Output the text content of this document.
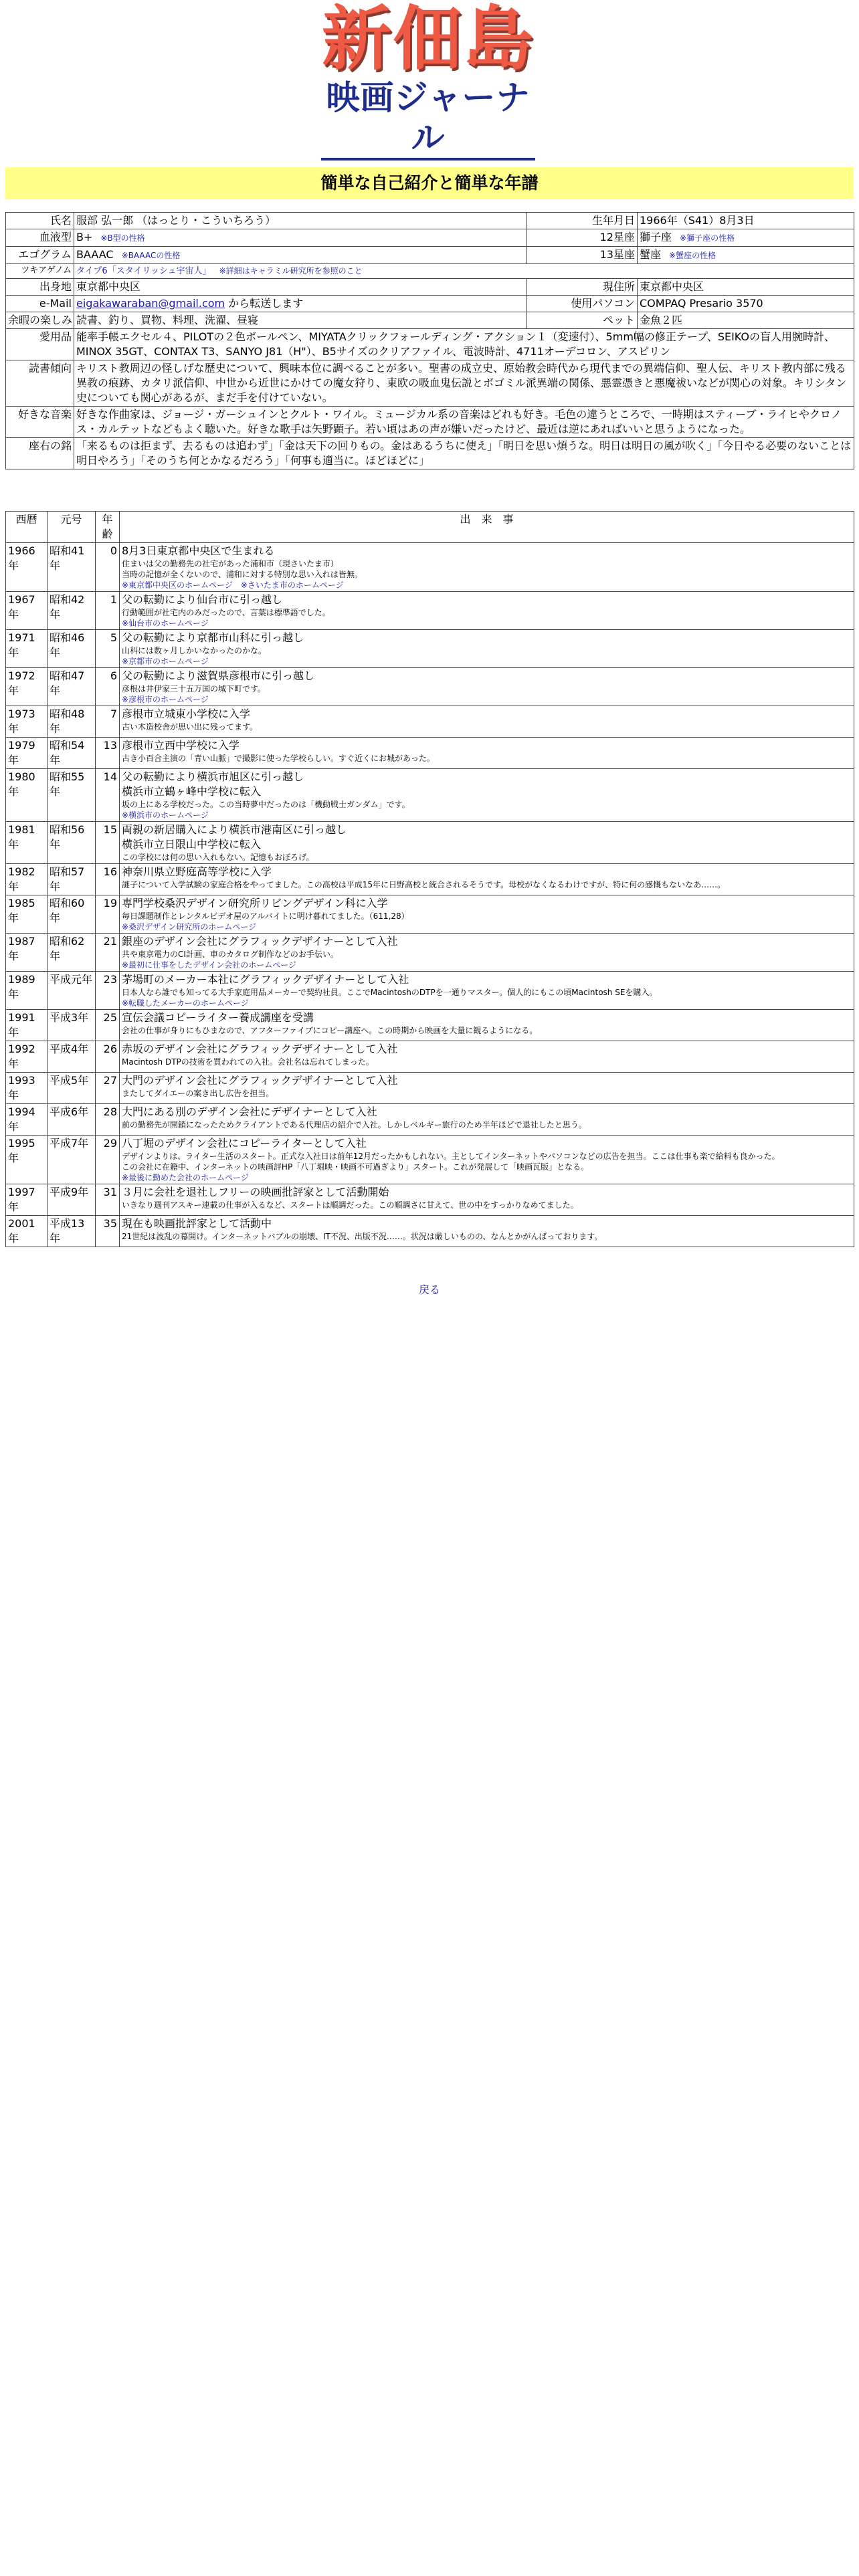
新佃島
映画ジャーナル
簡単な自己紹介と簡単な年譜
氏名	服部 弘一郎 （はっとり・こういちろう）	生年月日	1966年（S41）8月3日
血液型	B+ ※B型の性格	12星座	獅子座 ※獅子座の性格
エゴグラム	BAAAC ※BAAACの性格	13星座	蟹座 ※蟹座の性格
ツキアゲノム	タイプ6「スタイリッシュ宇宙人」 ※詳細はキャラミル研究所を参照のこと		
出身地	東京都中央区	現住所	東京都中央区
e-Mail	eigakawaraban@gmail.com から転送します	使用パソコン	COMPAQ Presario 3570
余暇の楽しみ	読書、釣り、買物、料理、洗濯、昼寝	ペット	金魚２匹
愛用品	能率手帳エクセル４、PILOTの２色ボールペン、MIYATAクリックフォールディング・アクション１（変速付）、5mm幅の修正テープ、SEIKOの盲人用腕時計、MINOX 35GT、CONTAX T3、SANYO J81（H"）、B5サイズのクリアファイル、電波時計、4711オーデコロン、アスピリン		
読書傾向	キリスト教周辺の怪しげな歴史について、興味本位に調べることが多い。聖書の成立史、原始教会時代から現代までの異端信仰、聖人伝、キリスト教内部に残る異教の痕跡、カタリ派信仰、中世から近世にかけての魔女狩り、東欧の吸血鬼伝説とボゴミル派異端の関係、悪霊憑きと悪魔祓いなどが関心の対象。キリシタン史についても関心があるが、まだ手を付けていない。		
好きな音楽	好きな作曲家は、ジョージ・ガーシュインとクルト・ワイル。ミュージカル系の音楽はどれも好き。毛色の違うところで、一時期はスティーブ・ライヒやクロノス・カルテットなどもよく聴いた。好きな歌手は矢野顕子。若い頃はあの声が嫌いだったけど、最近は逆にあればいいと思うようになった。		
座右の銘	「来るものは拒まず、去るものは追わず」「金は天下の回りもの。金はあるうちに使え」「明日を思い煩うな。明日は明日の風が吹く」「今日やる必要のないことは明日やろう」「そのうち何とかなるだろう」「何事も適当に。ほどほどに」		
西暦	元号	年齢	出　来　事
1966年	昭和41年	0	8月3日東京都中央区で生まれる
住まいは父の勤務先の社宅があった浦和市（現さいたま市）
当時の記憶が全くないので、浦和に対する特別な思い入れは皆無。
※東京都中央区のホームページ ※さいたま市のホームページ

1967年	昭和42年	1	父の転勤により仙台市に引っ越し
行動範囲が社宅内のみだったので、言葉は標準語でした。
※仙台市のホームページ

1971年	昭和46年	5	父の転勤により京都市山科に引っ越し
山科には数ヶ月しかいなかったのかな。
※京都市のホームページ

1972年	昭和47年	6	父の転勤により滋賀県彦根市に引っ越し
彦根は井伊家三十五万国の城下町です。
※彦根市のホームページ

1973年	昭和48年	7	彦根市立城東小学校に入学
古い木造校舎が思い出に残ってます。

1979年	昭和54年	13	彦根市立西中学校に入学
古き小百合主演の「青い山脈」で撮影に使った学校らしい。すぐ近くにお城があった。

1980年	昭和55年	14	父の転勤により横浜市旭区に引っ越し
横浜市立鶴ヶ峰中学校に転入
坂の上にある学校だった。この当時夢中だったのは「機動戦士ガンダム」です。
※横浜市のホームページ

1981年	昭和56年	15	両親の新居購入により横浜市港南区に引っ越し
横浜市立日限山中学校に転入
この学校には何の思い入れもない。記憶もおぼろげ。

1982年	昭和57年	16	神奈川県立野庭高等学校に入学
謎子について入学試験の家庭合格をやってました。この高校は平成15年に日野高校と統合されるそうです。母校がなくなるわけですが、特に何の感慨もないなあ……。

1985年	昭和60年	19	専門学校桑沢デザイン研究所リビングデザイン科に入学
毎日課題制作とレンタルビデオ屋のアルバイトに明け暮れてました。（611,28）
※桑沢デザイン研究所のホームページ

1987年	昭和62年	21	銀座のデザイン会社にグラフィックデザイナーとして入社
共や東京電力のCI計画、車のカタログ制作などのお手伝い。
※最初に仕事をしたデザイン会社のホームページ

1989年	平成元年	23	茅場町のメーカー本社にグラフィックデザイナーとして入社
日本人なら誰でも知ってる大手家庭用品メーカーで契約社員。ここでMacintoshのDTPを一通りマスター。個人的にもこの頃Macintosh SEを購入。
※転職したメーカーのホームページ

1991年	平成3年	25	宣伝会議コピーライター養成講座を受講
会社の仕事が身りにもひまなので、アフターファイブにコピー講座へ。この時期から映画を大量に観るようになる。

1992年	平成4年	26	赤坂のデザイン会社にグラフィックデザイナーとして入社
Macintosh DTPの技術を買われての入社。会社名は忘れてしまった。

1993年	平成5年	27	大門のデザイン会社にグラフィックデザイナーとして入社
またしてダイエーの案き出し広告を担当。

1994年	平成6年	28	大門にある別のデザイン会社にデザイナーとして入社
前の勤務先が開鎖になったためクライアントである代理店の紹介で入社。しかしベルギー旅行のため半年ほどで退社したと思う。

1995年	平成7年	29	八丁堀のデザイン会社にコピーライターとして入社
デザインよりは、ライター生活のスタート。正式な入社日は前年12月だったかもしれない。主としてインターネットやパソコンなどの広告を担当。ここは仕事も楽で給料も良かった。
この会社に在籍中、インターネットの映画評HP「八丁堀映・映画不可過ぎより」スタート。これが発展して「映画瓦版」となる。
※最後に勤めた会社のホームページ

1997年	平成9年	31	３月に会社を退社しフリーの映画批評家として活動開始
いきなり週刊アスキー連載の仕事が入るなど、スタートは順調だった。この順調さに甘えて、世の中をすっかりなめてました。

2001年	平成13年	35	現在も映画批評家として活動中
21世紀は波乱の幕開け。インターネットバブルの崩壊、IT不況、出版不況……。状況は厳しいものの、なんとかがんばっております。
戻る
